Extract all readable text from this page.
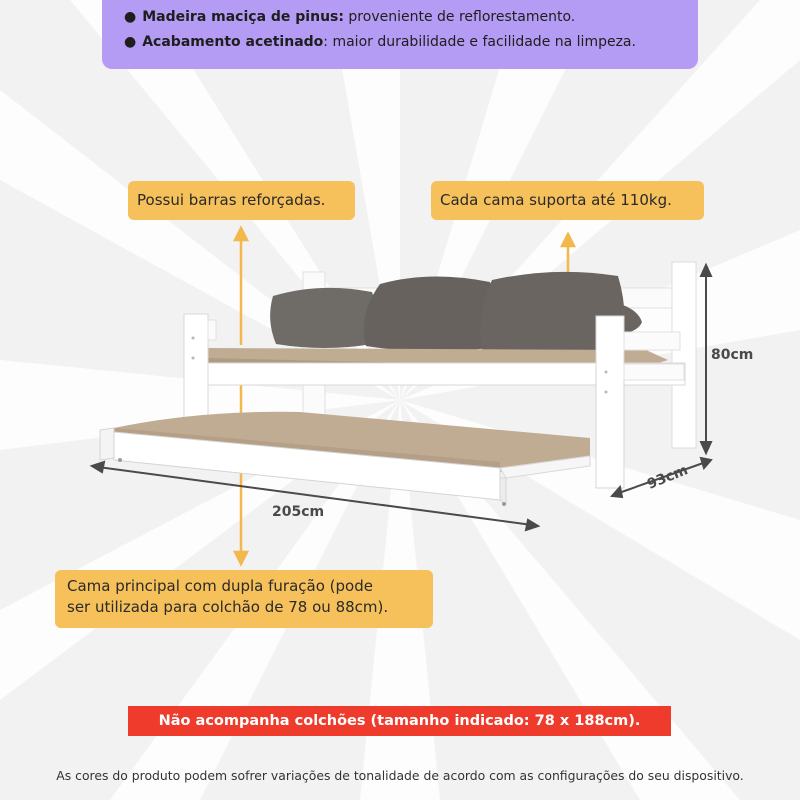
● Madeira maciça de pinus: proveniente de reflorestamento.
● Acabamento acetinado: maior durabilidade e facilidade na limpeza.
Possui barras reforçadas.	Cada cama suporta até 110kg.
Cama principal com dupla furação (pode
ser utilizada para colchão de 78 ou 88cm).
205cm
80cm
93cm
Não acompanha colchões (tamanho indicado: 78 x 188cm).
As cores do produto podem sofrer variações de tonalidade de acordo com as configurações do seu dispositivo.
